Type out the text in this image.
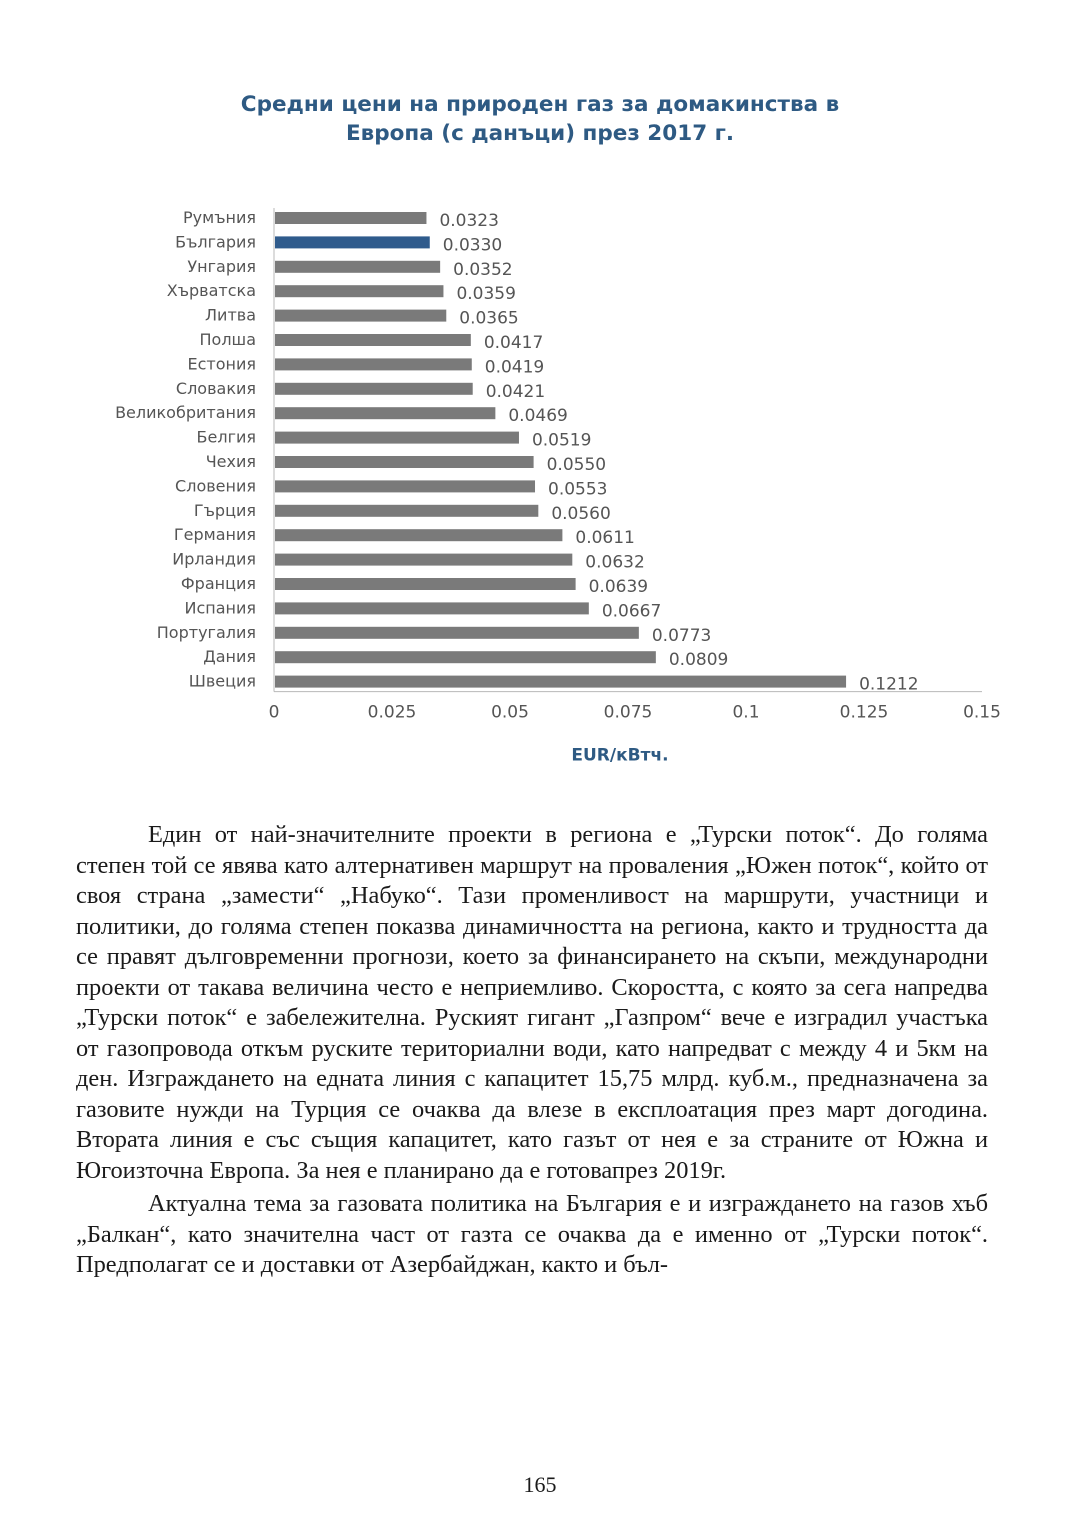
Средни цени на природен газ за домакинства в
Европа (с данъци) през 2017 г.
Румъния	0.0323
България	0.0330
Унгария	0.0352
Хърватска	0.0359
Литва	0.0365
Полша	0.0417
Естония	0.0419
Словакия	0.0421
Великобритания	0.0469
Белгия	0.0519
Чехия	0.0550
Словения	0.0553
Гърция	0.0560
Германия	0.0611
Ирландия	0.0632
Франция	0.0639
Испания	0.0667
Португалия	0.0773
Дания	0.0809
Швеция	0.1212
0	0.025	0.05	0.075	0.1	0.125	0.15
EUR/кВтч.

Един от най-значителните проекти в региона е „Турски поток“. До голяма степен той се явява като алтернативен маршрут на проваления „Южен поток“, който от своя страна „замести“ „Набуко“. Тази променливост на маршрути, участници и политики, до голяма степен показва динамичността на региона, както и трудността да се правят дълговременни прогнози, което за финансирането на скъпи, международни проекти от такава величина често е неприемливо. Скоростта, с която за сега напредва „Турски поток“ е забележителна. Руският гигант „Газпром“ вече е изградил участъка от газопровода откъм руските териториални води, като напредват с между 4 и 5км на ден. Изграждането на едната линия с капацитет 15,75 млрд. куб.м., предназначена за газовите нужди на Турция се очаква да влезе в експлоатация през март догодина. Втората линия е със същия капацитет, като газът от нея е за страните от Южна и Югоизточна Европа. За нея е планирано да е готовапрез 2019г.

Актуална тема за газовата политика на България е и изграждането на газов хъб „Балкан“, като значителна част от газта се очаква да е именно от „Турски поток“. Предполагат се и доставки от Азербайджан, както и бъл-

165
